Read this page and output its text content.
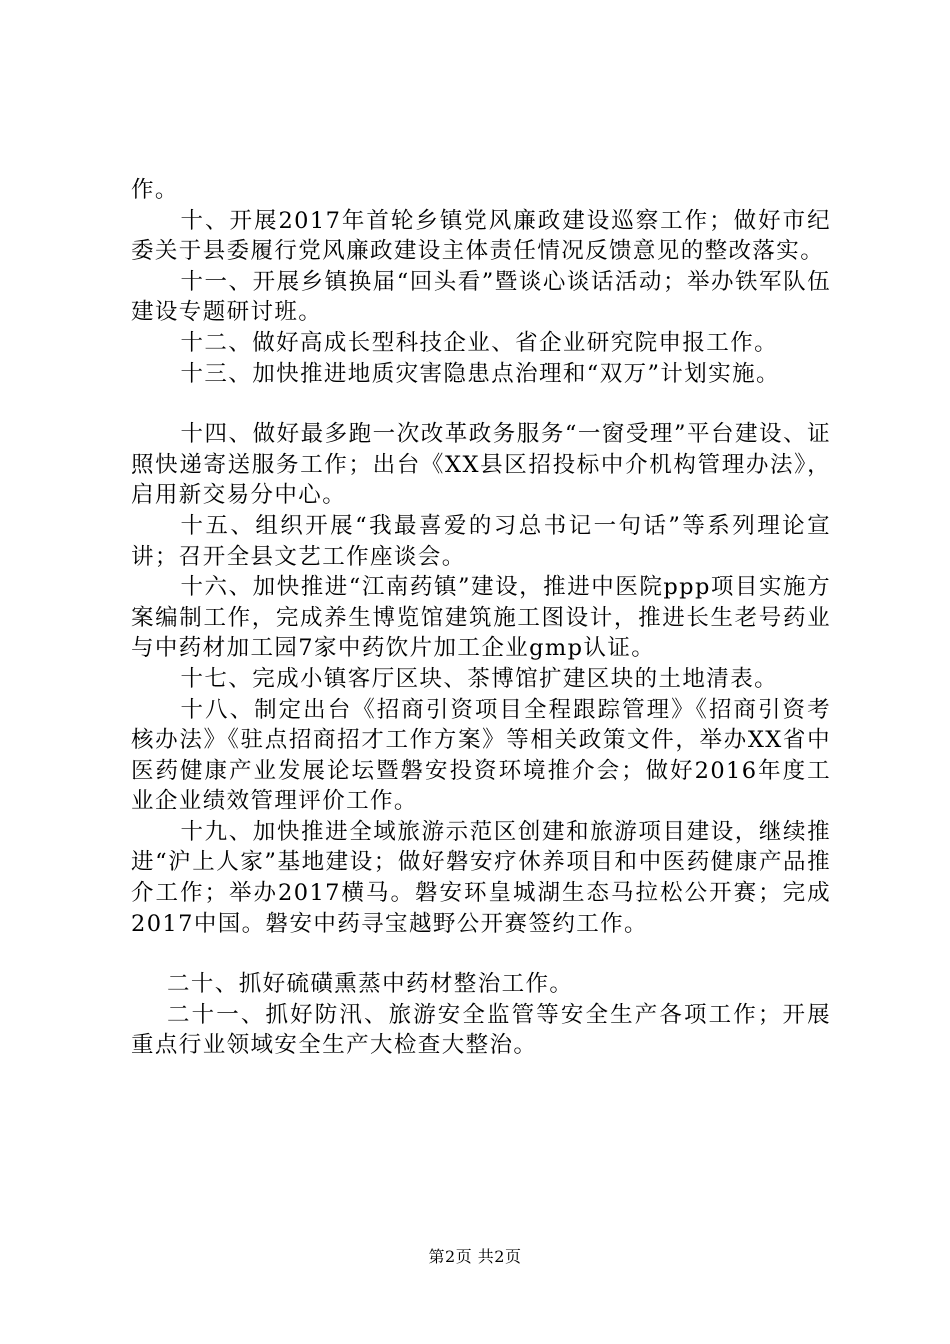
作。

十、开展2017年首轮乡镇党风廉政建设巡察工作；做好市纪委关于县委履行党风廉政建设主体责任情况反馈意见的整改落实。

十一、开展乡镇换届“回头看”暨谈心谈话活动；举办铁军队伍建设专题研讨班。

十二、做好高成长型科技企业、省企业研究院申报工作。

十三、加快推进地质灾害隐患点治理和“双万”计划实施。

十四、做好最多跑一次改革政务服务“一窗受理”平台建设、证照快递寄送服务工作；出台《XX县区招投标中介机构管理办法》，启用新交易分中心。

十五、组织开展“我最喜爱的习总书记一句话”等系列理论宣讲；召开全县文艺工作座谈会。

十六、加快推进“江南药镇”建设，推进中医院ppp项目实施方案编制工作，完成养生博览馆建筑施工图设计，推进长生老号药业与中药材加工园7家中药饮片加工企业gmp认证。

十七、完成小镇客厅区块、茶博馆扩建区块的土地清表。

十八、制定出台《招商引资项目全程跟踪管理》《招商引资考核办法》《驻点招商招才工作方案》等相关政策文件，举办XX省中医药健康产业发展论坛暨磐安投资环境推介会；做好2016年度工业企业绩效管理评价工作。

十九、加快推进全域旅游示范区创建和旅游项目建设，继续推进“沪上人家”基地建设；做好磐安疗休养项目和中医药健康产品推介工作；举办2017横马。磐安环皇城湖生态马拉松公开赛；完成2017中国。磐安中药寻宝越野公开赛签约工作。

二十、抓好硫磺熏蒸中药材整治工作。

二十一、抓好防汛、旅游安全监管等安全生产各项工作；开展重点行业领域安全生产大检查大整治。

第2页 共2页
